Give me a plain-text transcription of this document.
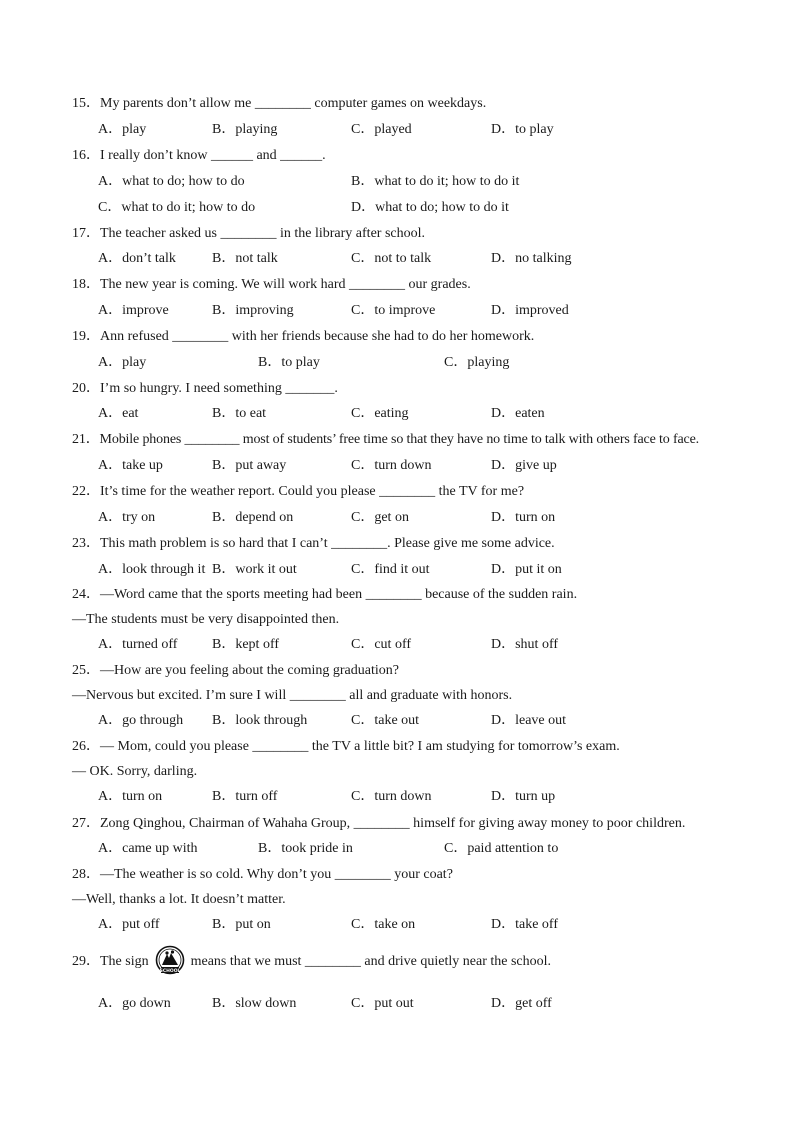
15．My parents don’t allow me ________ computer games on weekdays.
A．play	B．playing	C．played	D．to play
16．I really don’t know ______ and ______.
A．what to do; how to do	B．what to do it; how to do it
C．what to do it; how to do	D．what to do; how to do it
17．The teacher asked us ________ in the library after school.
A．don’t talk	B．not talk	C．not to talk	D．no talking
18．The new year is coming. We will work hard ________ our grades.
A．improve	B．improving	C．to improve	D．improved
19．Ann refused ________ with her friends because she had to do her homework.
A．play	B．to play	C．playing
20．I’m so hungry. I need something _______.
A．eat	B．to eat	C．eating	D．eaten
21．Mobile phones ________ most of students’ free time so that they have no time to talk with others face to face.
A．take up	B．put away	C．turn down	D．give up
22．It’s time for the weather report. Could you please ________ the TV for me?
A．try on	B．depend on	C．get on	D．turn on
23．This math problem is so hard that I can’t ________. Please give me some advice.
A．look through it B．work it out	C．find it out	D．put it on
24．—Word came that the sports meeting had been ________ because of the sudden rain.
—The students must be very disappointed then.
A．turned off B．kept off	C．cut off	D．shut off
25．—How are you feeling about the coming graduation?
—Nervous but excited. I’m sure I will ________ all and graduate with honors.
A．go through B．look through	C．take out	D．leave out
26．— Mom, could you please ________ the TV a little bit? I am studying for tomorrow’s exam.
— OK. Sorry, darling.
A．turn on	B．turn off	C．turn down	D．turn up
27．Zong Qinghou, Chairman of Wahaha Group, ________ himself for giving away money to poor children.
A．came up with	B．took pride in	C．paid attention to
28．—The weather is so cold. Why don’t you ________ your coat?
—Well, thanks a lot. It doesn’t matter.
A．put off	B．put on	C．take on	D．take off
29．The sign
SCHOOL
means that we must ________ and drive quietly near the school.
A．go down	B．slow down	C．put out	D．get off
